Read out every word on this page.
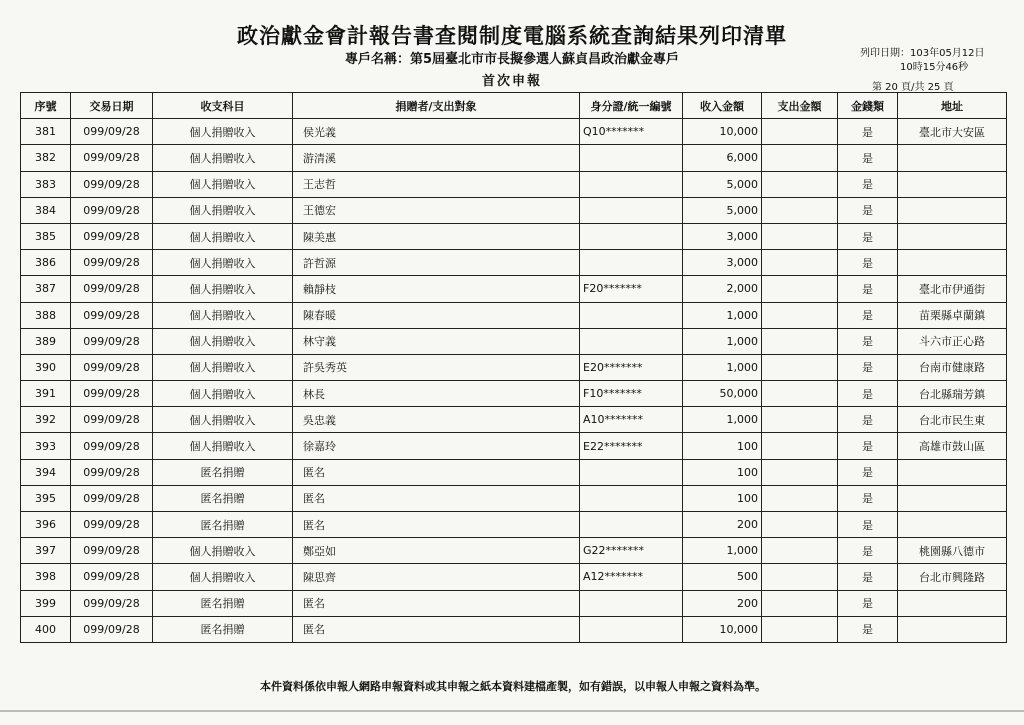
政治獻金會計報告書查閱制度電腦系統查詢結果列印清單
專戶名稱：第5屆臺北市市長擬參選人蘇貞昌政治獻金專戶
首次申報
列印日期：103年05月12日
10時15分46秒
第 20 頁/共 25 頁
序號	交易日期	收支科目	捐贈者/支出對象	身分證/統一編號	收入金額	支出金額	金錢類	地址
381	099/09/28	個人捐贈收入	侯光義	Q10*******	10,000		是	臺北市大安區
382	099/09/28	個人捐贈收入	游清溪		6,000		是	
383	099/09/28	個人捐贈收入	王志哲		5,000		是	
384	099/09/28	個人捐贈收入	王德宏		5,000		是	
385	099/09/28	個人捐贈收入	陳美惠		3,000		是	
386	099/09/28	個人捐贈收入	許哲源		3,000		是	
387	099/09/28	個人捐贈收入	賴靜枝	F20*******	2,000		是	臺北市伊通街
388	099/09/28	個人捐贈收入	陳春暖		1,000		是	苗栗縣卓蘭鎮
389	099/09/28	個人捐贈收入	林守義		1,000		是	斗六市正心路
390	099/09/28	個人捐贈收入	許吳秀英	E20*******	1,000		是	台南市健康路
391	099/09/28	個人捐贈收入	林長	F10*******	50,000		是	台北縣瑞芳鎮
392	099/09/28	個人捐贈收入	吳忠義	A10*******	1,000		是	台北市民生東
393	099/09/28	個人捐贈收入	徐嘉玲	E22*******	100		是	高雄市鼓山區
394	099/09/28	匿名捐贈	匿名		100		是	
395	099/09/28	匿名捐贈	匿名		100		是	
396	099/09/28	匿名捐贈	匿名		200		是	
397	099/09/28	個人捐贈收入	鄭亞如	G22*******	1,000		是	桃園縣八德市
398	099/09/28	個人捐贈收入	陳思齊	A12*******	500		是	台北市興隆路
399	099/09/28	匿名捐贈	匿名		200		是	
400	099/09/28	匿名捐贈	匿名		10,000		是	
本件資料係依申報人網路申報資料或其申報之紙本資料建檔產製，如有錯誤，以申報人申報之資料為準。
